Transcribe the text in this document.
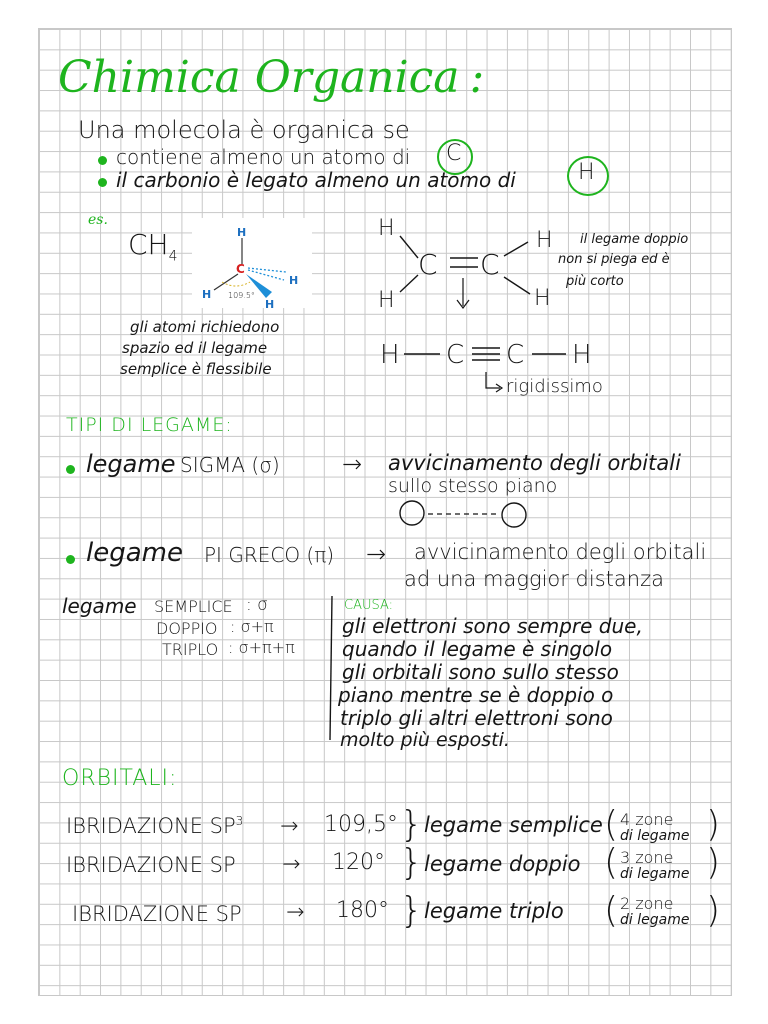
Chimica Organica :
Una molecola è organica se
contiene almeno un atomo di C
il carbonio è legato almeno un atomo di	H
es.
$CH_4$
H
C
H
H
H
109.5°
gli atomi richiedono
spazio ed il legame
semplice è flessibile
H
H
C C
H
H
il legame doppio
non si piega ed è
più corto
H C C H
rigidissimo
TIPI DI LEGAME:
legame SIGMA (σ)	→ avvicinamento degli orbitali
sullo stesso piano
legame PI GRECO (π) → avvicinamento degli orbitali
ad una maggior distanza
legame SEMPLICE : σ
DOPPIO : σ+π
TRIPLO : σ+π+π
CAUSA:
gli elettroni sono sempre due,
quando il legame è singolo
gli orbitali sono sullo stesso
piano mentre se è doppio o
triplo gli altri elettroni sono
molto più esposti.
ORBITALI:
IBRIDAZIONE $SP^3 \to 109,5^\circ$ } legame semplice ( 4 zone
di legame )
IBRIDAZIONE SP → 120° } legame doppio ( 3 zone
di legame )
IBRIDAZIONE SP → 180° } legame triplo ( 2 zone
di legame )
